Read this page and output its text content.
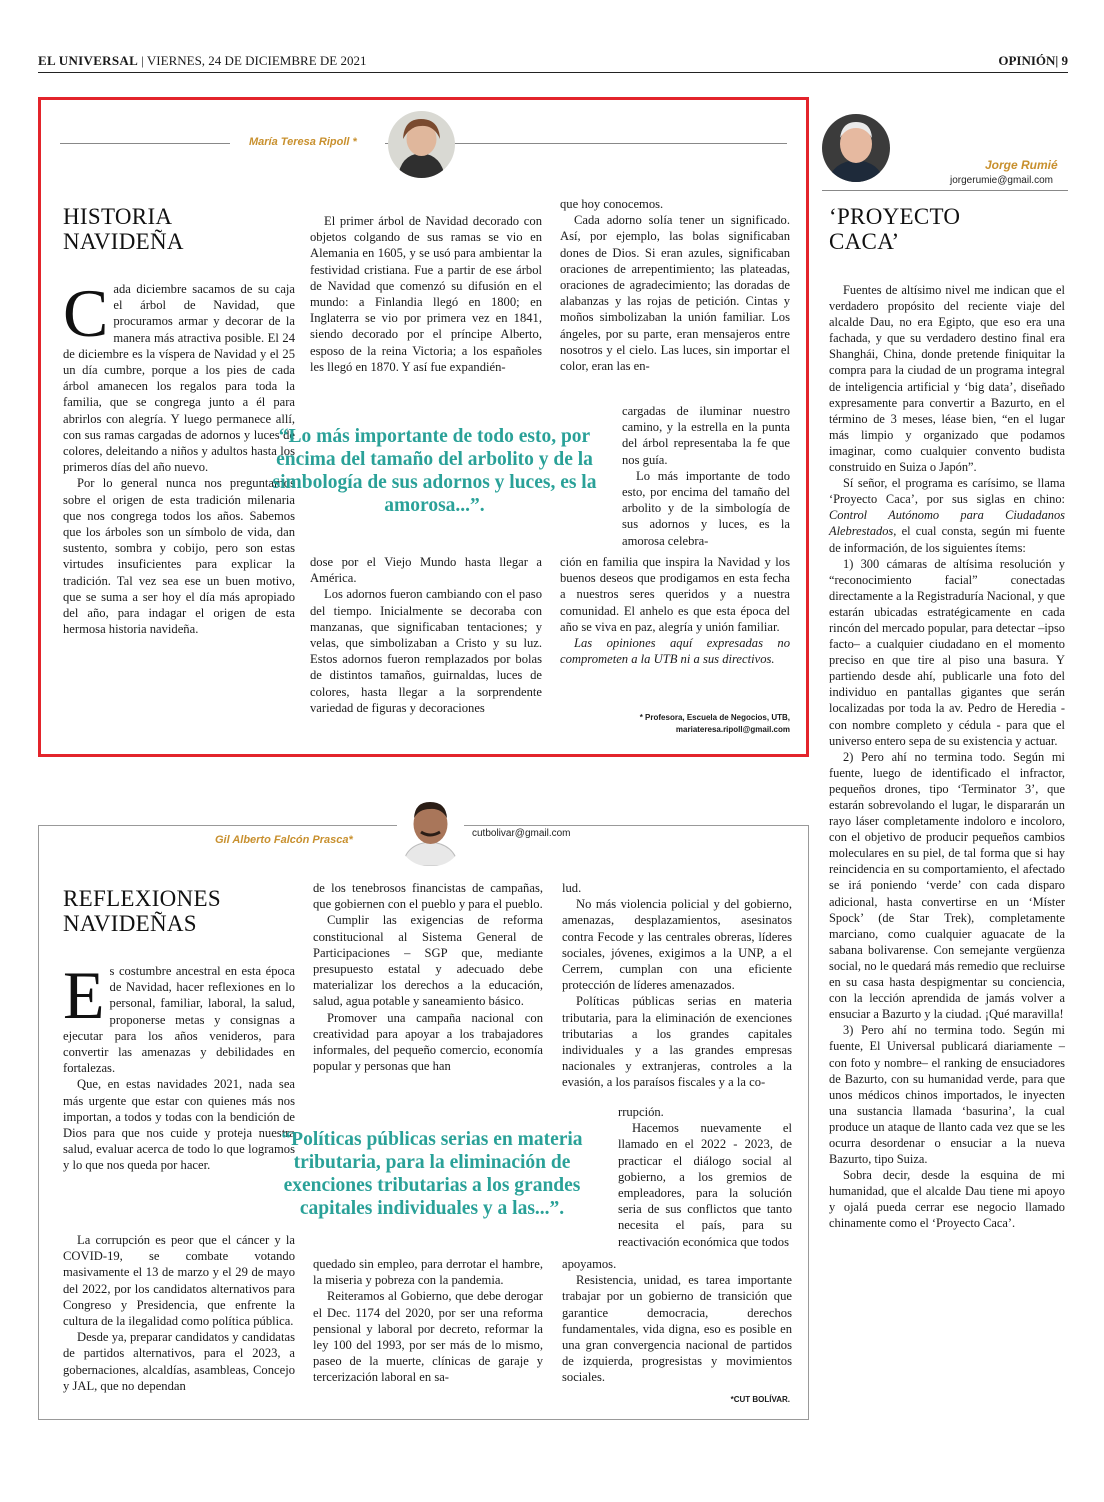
EL UNIVERSAL | VIERNES, 24 DE DICIEMBRE DE 2021	OPINIÓN| 9
María Teresa Ripoll *
HISTORIA
NAVIDEÑA
C ada diciembre sacamos de su caja el árbol de Navidad, que procuramos armar y decorar de la manera más atractiva posible. El 24 de diciembre es la víspera de Navidad y el 25 un día cumbre, porque a los pies de cada árbol amanecen los regalos para toda la familia, que se congrega junto a él para abrirlos con alegría. Y luego permanece allí, con sus ramas cargadas de adornos y luces de colores, deleitando a niños y adultos hasta los primeros días del año nuevo.

Por lo general nunca nos preguntamos sobre el origen de esta tradición milenaria que nos congrega todos los años. Sabemos que los árboles son un símbolo de vida, dan sustento, sombra y cobijo, pero son estas virtudes insuficientes para explicar la tradición. Tal vez sea ese un buen motivo, que se suma a ser hoy el día más apropiado del año, para indagar el origen de esta hermosa historia navideña.

El primer árbol de Navidad decorado con objetos colgando de sus ramas se vio en Alemania en 1605, y se usó para ambientar la festividad cristiana. Fue a partir de ese árbol de Navidad que comenzó su difusión en el mundo: a Finlandia llegó en 1800; en Inglaterra se vio por primera vez en 1841, siendo decorado por el príncipe Alberto, esposo de la reina Victoria; a los españoles les llegó en 1870. Y así fue expandién-

“Lo más importante de todo esto, por encima del tamaño del arbolito y de la simbología de sus adornos y luces, es la amorosa...”.

dose por el Viejo Mundo hasta llegar a América.

Los adornos fueron cambiando con el paso del tiempo. Inicialmente se decoraba con manzanas, que significaban tentaciones; y velas, que simbolizaban a Cristo y su luz. Estos adornos fueron remplazados por bolas de distintos tamaños, guirnaldas, luces de colores, hasta llegar a la sorprendente variedad de figuras y decoraciones

que hoy conocemos.

Cada adorno solía tener un significado. Así, por ejemplo, las bolas significaban dones de Dios. Si eran azules, significaban oraciones de arrepentimiento; las plateadas, oraciones de agradecimiento; las doradas de alabanzas y las rojas de petición. Cintas y moños simbolizaban la unión familiar. Los ángeles, por su parte, eran mensajeros entre nosotros y el cielo. Las luces, sin importar el color, eran las en-

cargadas de iluminar nuestro camino, y la estrella en la punta del árbol representaba la fe que nos guía.

Lo más importante de todo esto, por encima del tamaño del arbolito y de la simbología de sus adornos y luces, es la amorosa celebra-

ción en familia que inspira la Navidad y los buenos deseos que prodigamos en esta fecha a nuestros seres queridos y a nuestra comunidad. El anhelo es que esta época del año se viva en paz, alegría y unión familiar.

Las opiniones aquí expresadas no comprometen a la UTB ni a sus directivos.

* Profesora, Escuela de Negocios, UTB,
mariateresa.ripoll@gmail.com
Gil Alberto Falcón Prasca*
cutbolivar@gmail.com
REFLEXIONES
NAVIDEÑAS
E s costumbre ancestral en esta época de Navidad, hacer reflexiones en lo personal, familiar, laboral, la salud, proponerse metas y consignas a ejecutar para los años venideros, para convertir las amenazas y debilidades en fortalezas.

Que, en estas navidades 2021, nada sea más urgente que estar con quienes más nos importan, a todos y todas con la bendición de Dios para que nos cuide y proteja nuestra salud, evaluar acerca de todo lo que logramos y lo que nos queda por hacer.

La corrupción es peor que el cáncer y la COVID-19, se combate votando masivamente el 13 de marzo y el 29 de mayo del 2022, por los candidatos alternativos para Congreso y Presidencia, que enfrente la cultura de la ilegalidad como política pública.

Desde ya, preparar candidatos y candidatas de partidos alternativos, para el 2023, a gobernaciones, alcaldías, asambleas, Concejo y JAL, que no dependan

de los tenebrosos financistas de campañas, que gobiernen con el pueblo y para el pueblo.

Cumplir las exigencias de reforma constitucional al Sistema General de Participaciones – SGP que, mediante presupuesto estatal y adecuado debe materializar los derechos a la educación, salud, agua potable y saneamiento básico.

Promover una campaña nacional con creatividad para apoyar a los trabajadores informales, del pequeño comercio, economía popular y personas que han

“Políticas públicas serias en materia tributaria, para la eliminación de exenciones tributarias a los grandes capitales individuales y a las...”.

quedado sin empleo, para derrotar el hambre, la miseria y pobreza con la pandemia.

Reiteramos al Gobierno, que debe derogar el Dec. 1174 del 2020, por ser una reforma pensional y laboral por decreto, reformar la ley 100 del 1993, por ser más de lo mismo, paseo de la muerte, clínicas de garaje y tercerización laboral en sa-

lud.

No más violencia policial y del gobierno, amenazas, desplazamientos, asesinatos contra Fecode y las centrales obreras, líderes sociales, jóvenes, exigimos a la UNP, a el Cerrem, cumplan con una eficiente protección de líderes amenazados.

Políticas públicas serias en materia tributaria, para la eliminación de exenciones tributarias a los grandes capitales individuales y a las grandes empresas nacionales y extranjeras, controles a la evasión, a los paraísos fiscales y a la co-

rrupción.

Hacemos nuevamente el llamado en el 2022 - 2023, de practicar el diálogo social al gobierno, a los gremios de empleadores, para la solución seria de sus conflictos que tanto necesita el país, para su reactivación económica que todos

apoyamos.

Resistencia, unidad, es tarea importante trabajar por un gobierno de transición que garantice democracia, derechos fundamentales, vida digna, eso es posible en una gran convergencia nacional de partidos de izquierda, progresistas y movimientos sociales.

*CUT BOLÍVAR.
Jorge Rumié
jorgerumie@gmail.com
‘PROYECTO
CACA’

Fuentes de altísimo nivel me indican que el verdadero propósito del reciente viaje del alcalde Dau, no era Egipto, que eso era una fachada, y que su verdadero destino final era Shanghái, China, donde pretende finiquitar la compra para la ciudad de un programa integral de inteligencia artificial y ‘big data’, diseñado expresamente para convertir a Bazurto, en el término de 3 meses, léase bien, “en el lugar más limpio y organizado que podamos imaginar, como cualquier convento budista construido en Suiza o Japón”.

Sí señor, el programa es carísimo, se llama ‘Proyecto Caca’, por sus siglas en chino: Control Autónomo para Ciudadanos Alebrestados, el cual consta, según mi fuente de información, de los siguientes ítems:

1) 300 cámaras de altísima resolución y “reconocimiento facial” conectadas directamente a la Registraduría Nacional, y que estarán ubicadas estratégicamente en cada rincón del mercado popular, para detectar –ipso facto– a cualquier ciudadano en el momento preciso en que tire al piso una basura. Y partiendo desde ahí, publicarle una foto del individuo en pantallas gigantes que serán localizadas por toda la av. Pedro de Heredia - con nombre completo y cédula - para que el universo entero sepa de su existencia y actuar.

2) Pero ahí no termina todo. Según mi fuente, luego de identificado el infractor, pequeños drones, tipo ‘Terminator 3’, que estarán sobrevolando el lugar, le dispararán un rayo láser completamente indoloro e incoloro, con el objetivo de producir pequeños cambios moleculares en su piel, de tal forma que si hay reincidencia en su comportamiento, el afectado se irá poniendo ‘verde’ con cada disparo adicional, hasta convertirse en un ‘Míster Spock’ (de Star Trek), completamente marciano, como cualquier aguacate de la sabana bolivarense. Con semejante vergüenza social, no le quedará más remedio que recluirse en su casa hasta despigmentar su conciencia, con la lección aprendida de jamás volver a ensuciar a Bazurto y la ciudad. ¡Qué maravilla!

3) Pero ahí no termina todo. Según mi fuente, El Universal publicará diariamente –con foto y nombre– el ranking de ensuciadores de Bazurto, con su humanidad verde, para que unos médicos chinos importados, le inyecten una sustancia llamada ‘basurina’, la cual produce un ataque de llanto cada vez que se les ocurra desordenar o ensuciar a la nueva Bazurto, tipo Suiza.

Sobra decir, desde la esquina de mi humanidad, que el alcalde Dau tiene mi apoyo y ojalá pueda cerrar ese negocio llamado chinamente como el ‘Proyecto Caca’.
